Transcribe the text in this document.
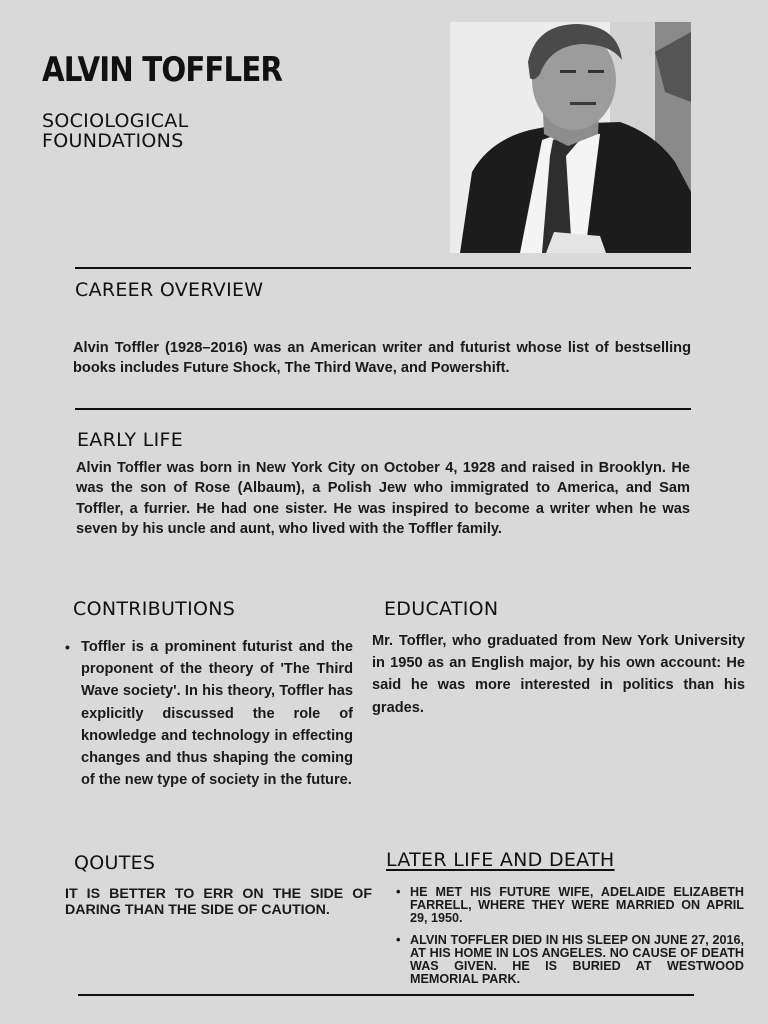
ALVIN TOFFLER
SOCIOLOGICAL FOUNDATIONS
CAREER OVERVIEW
Alvin Toffler (1928–2016) was an American writer and futurist whose list of bestselling books includes Future Shock, The Third Wave, and Powershift.
EARLY LIFE
Alvin Toffler was born in New York City on October 4, 1928 and raised in Brooklyn. He was the son of Rose (Albaum), a Polish Jew who immigrated to America, and Sam Toffler, a furrier. He had one sister. He was inspired to become a writer when he was seven by his uncle and aunt, who lived with the Toffler family.
CONTRIBUTIONS
• Toffler is a prominent futurist and the proponent of the theory of 'The Third Wave society'. In his theory, Toffler has explicitly discussed the role of knowledge and technology in effecting changes and thus shaping the coming of the new type of society in the future.
EDUCATION
Mr. Toffler, who graduated from New York University in 1950 as an English major, by his own account: He said he was more interested in politics than his grades.
QOUTES
IT IS BETTER TO ERR ON THE SIDE OF DARING THAN THE SIDE OF CAUTION.
LATER LIFE AND DEATH
• HE MET HIS FUTURE WIFE, ADELAIDE ELIZABETH FARRELL, WHERE THEY WERE MARRIED ON APRIL 29, 1950.
• ALVIN TOFFLER DIED IN HIS SLEEP ON JUNE 27, 2016, AT HIS HOME IN LOS ANGELES. NO CAUSE OF DEATH WAS GIVEN. HE IS BURIED AT WESTWOOD MEMORIAL PARK.
